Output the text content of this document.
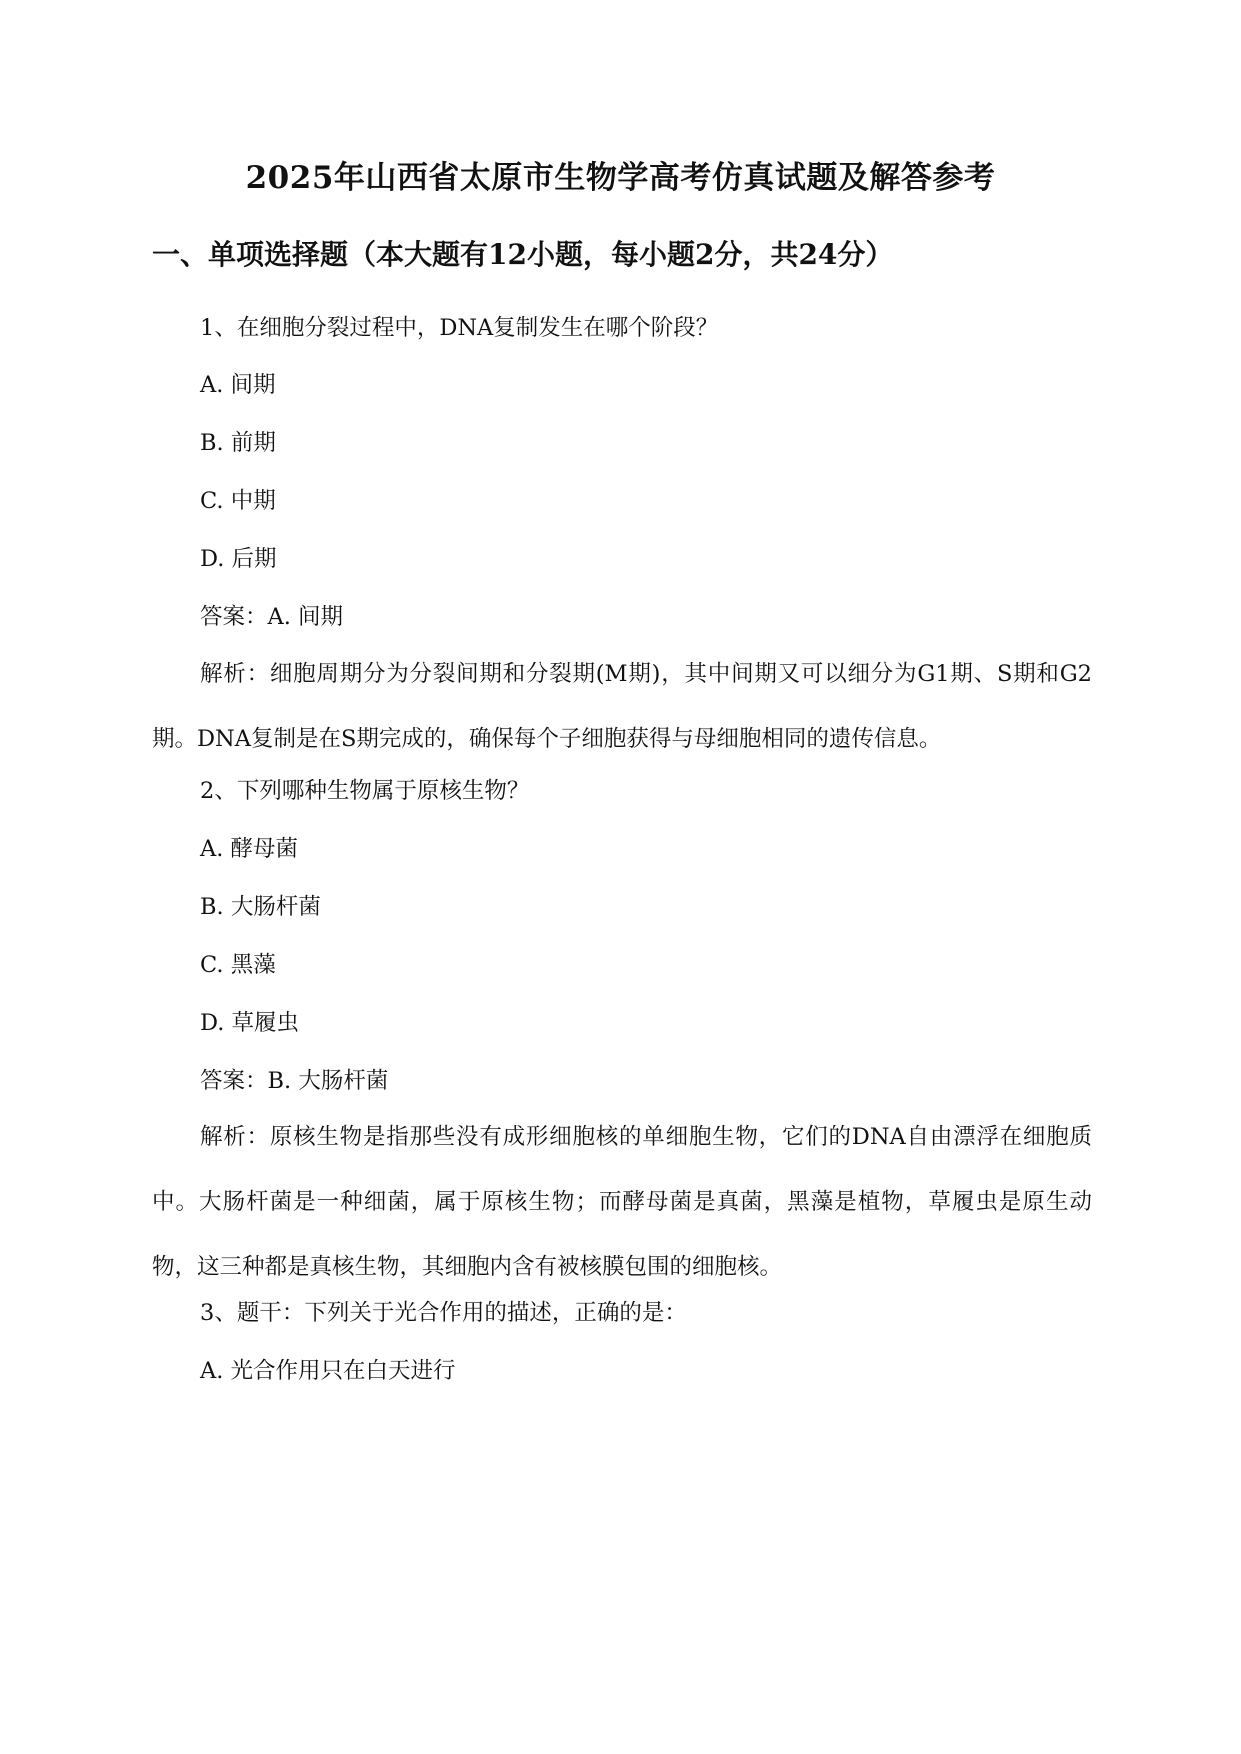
2025年山西省太原市生物学高考仿真试题及解答参考
一、单项选择题（本大题有12小题，每小题2分，共24分）
1、在细胞分裂过程中，DNA复制发生在哪个阶段？
A. 间期
B. 前期
C. 中期
D. 后期
答案：A. 间期

解析：细胞周期分为分裂间期和分裂期(M期)，其中间期又可以细分为G1期、S期和G2期。DNA复制是在S期完成的，确保每个子细胞获得与母细胞相同的遗传信息。

2、下列哪种生物属于原核生物？
A. 酵母菌
B. 大肠杆菌
C. 黑藻
D. 草履虫
答案：B. 大肠杆菌

解析：原核生物是指那些没有成形细胞核的单细胞生物，它们的DNA自由漂浮在细胞质中。大肠杆菌是一种细菌，属于原核生物；而酵母菌是真菌，黑藻是植物，草履虫是原生动物，这三种都是真核生物，其细胞内含有被核膜包围的细胞核。

3、题干：下列关于光合作用的描述，正确的是：
A. 光合作用只在白天进行
